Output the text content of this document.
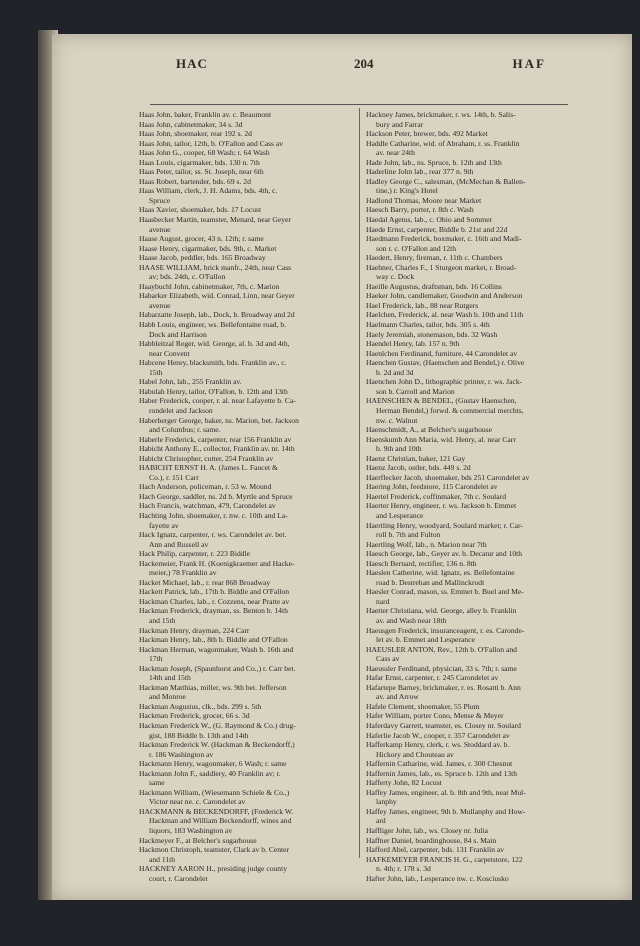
HAC	204	HAF
Haas John, baker, Franklin av. c. Beaumont
Haas John, cabinetmaker, 34 s. 3d
Haas John, shoemaker, rear 192 s. 2d
Haas John, tailor, 12th, b. O'Fallon and Cass av
Haas John G., cooper, 68 Wash; r. 64 Wash
Haas Louis, cigarmaker, bds. 130 n. 7th
Haas Peter, tailor, ss. St. Joseph, near 6th
Haas Robert, bartender, bds. 69 s. 2d
Haas William, clerk, J. H. Adams, bds. 4th, c.
Spruce
Haas Xavier, shoemaker, bds. 17 Locust
Haasbecker Martin, teamster, Menard, near Geyer
avenue
Haase August, grocer, 43 n. 12th; r. same
Haase Henry, cigarmaker, bds. 9th, c. Market
Haase Jacob, peddler, bds. 165 Broadway
HAASE WILLIAM, brick manfr., 24th, near Cass
av; bds. 24th, c. O'Fallon
Haaybuchl John, cabinetmaker, 7th, c. Marion
Habarker Elizabeth, wid. Conrad, Linn, near Geyer
avenue
Habarzatte Joseph, lab., Dock, b. Broadway and 2d
Habb Louis, engineer, ws. Bellefontaine road, b.
Dock and Harrison
Habbleitzal Reger, wid. George, al. b. 3d and 4th,
near Convent
Habcene Henry, blacksmith, bds. Franklin av., c.
15th
Habel John, lab., 255 Franklin av.
Habulah Henry, tailor, O'Fallon, b. 12th and 13th
Haber Frederick, cooper, r. al. near Lafayette b. Ca-
rondelet and Jackson
Haberberger George, baker, ns. Marion, bet. Jackson
and Columbus; r. same.
Haberle Frederick, carpenter, rear 156 Franklin av
Habicht Anthony E., collector, Franklin av. nr. 14th
Habicht Christopher, cutter, 254 Franklin av
HABICHT ERNST H. A. (James L. Faucet &
Co.), r. 151 Carr
Hach Anderson, policeman, r. 53 w. Mound
Hach George, saddler, ns. 2d b. Myrtle and Spruce
Hach Francis, watchman, 479, Carondelet av
Hachting John, shoemaker, r. nw. c. 10th and La-
fayette av
Hack Ignatz, carpenter, r. ws. Carondelet av. bet.
Ann and Russell av
Hack Philip, carpenter, r. 223 Biddle
Hackemeier, Frank H. (Koenigkraemer and Hacke-
meier,) 78 Franklin av
Hacket Michael, lab., r. rear 868 Broadway
Hackett Patrick, lab., 17th b. Biddle and O'Fallon
Hackman Charles, lab., r. Cozzens, near Pratte av
Hackman Frederick, drayman, ss. Benton b. 14th
and 15th
Hackman Henry, drayman, 224 Carr
Hackman Henry, lab., 8th b. Biddle and O'Fallon
Hackman Herman, wagonmaker, Wash b. 16th and
17th
Hackman Joseph, (Spaunhorst and Co.,) r. Carr bet.
14th and 15th
Hackman Matthias, miller, ws. 9th bet. Jefferson
and Monroe
Hackman Augustus, clk., bds. 299 s. 5th
Hackman Frederick, grocer, 66 s. 3d
Hackman Frederick W., (G. Raymond & Co.) drug-
gist, 188 Biddle b. 13th and 14th
Hackman Frederick W. (Hackman & Beckendorff,)
r. 186 Washington av
Hackmann Henry, wagonmaker, 6 Wash; r. same
Hackmann John F., saddlery, 40 Franklin av; r.
same
Hackmann William, (Wiesemann Schiele & Co.,)
Victor near ne. c. Carondelet av
HACKMANN & BECKENDORFF, (Frederick W.
Hackman and William Beckendorff, wines and
liquors, 183 Washington av
Hackmeyer F., at Belcher's sugarhouse
Hackmon Christoph, teamster, Clark av b. Center
and 11th
HACKNEY AARON H., presiding judge county
court, r. Carondelet
Hackney James, brickmaker, r. ws. 14th, b. Salis-
bury and Farrar
Hackson Peter, brewer, bds. 492 Market
Haddle Catharine, wid. of Abraham, r. ss. Franklin
av. near 24th
Hade John, lab., ns. Spruce, b. 12th and 13th
Haderline John lab., rear 377 n. 9th
Hadley George C., salesman, (McMechan & Ballen-
tine,) r. King's Hotel
Hadlond Thomas, Moore near Market
Haesch Barry, porter, r. 8th c. Wash
Haedal Agetus, lab., c. Ohio and Sommer
Haede Ernst, carpenter, Biddle b. 21st and 22d
Haedmann Frederick, boxmaker, c. 16th and Madi-
son r. c. O'Fallon and 12th
Haedert, Henry, fireman, r. 11th c. Chambers
Haehner, Charles F., 1 Sturgeon market, r. Broad-
way c. Dock
Haeille Augustus, draftsman, bds. 16 Collins
Haeker John, candlemaker, Goodwin and Anderson
Hael Frederick, lab., 88 near Rutgers
Haelchen, Frederick, al. near Wash b. 10th and 11th
Haelmann Charles, tailor, bds. 305 s. 4th
Haely Jeremiah, stonemason, bds. 32 Wash
Haendel Henry, lab. 157 n. 9th
Haenlchen Ferdinand, furniture, 44 Carondelet av
Haenchen Gustav, (Haenschen and Bendel,) r. Olive
b. 2d and 3d
Haenchen John D., lithographic printer, r. ws. Jack-
son b. Carroll and Marion
HAENSCHEN & BENDEL, (Gustav Haenschen,
Herman Bendel,) forwd. & commercial merchts,
nw. c. Walnut
Haenschmidt, A., at Belcher's sugarhouse
Haenskumb Ann Maria, wid. Henry, al. near Carr
b. 9th and 10th
Haenz Christian, baker, 121 Gay
Haenz Jacob, ostler, bds. 449 s. 2d
Haerflecker Jacob, shoemaker, bds 251 Carondelet av
Haering John, feedstore, 115 Carondelet av
Haertel Frederick, coffinmaker, 7th c. Soulard
Haerter Henry, engineer, r. ws. Jackson b. Emmet
and Lesperance
Haertling Henry, woodyard, Soulard market; r. Car-
roll b. 7th and Fulton
Haertling Wolf, lab., n. Marion near 7th
Haesch George, lab., Geyer av. b. Decatur and 10th
Haesch Bernard, rectifier, 136 n. 8th
Haeslen Catherine, wid. Ignatz, es. Bellefontaine
road b. Destrehan and Mallinckrodt
Haesler Conrad, mason, ss. Emmet b. Buel and Me-
nard
Haetter Christiana, wid. George, alley b. Franklin
av. and Wash near 18th
Haeusgen Frederick, insuranceagent, r. es. Caronde-
let av. b. Emmet and Lesperance
HAEUSLER ANTON, Rev., 12th b. O'Fallon and
Cass av
Haeussler Ferdinand, physician, 33 s. 7th; r. same
Hafar Ernst, carpenter, r. 245 Carondelet av
Hafartepe Barney, brickmaker, r. es. Rosatti b. Ann
av. and Arrow
Hafele Clement, shoemaker, 55 Plum
Hafer William, porter Cono, Mense & Meyer
Haferdavy Garrett, teamster, es. Closey nr. Soulard
Haferlie Jacob W., cooper, r. 357 Carondelet av
Hafferkamp Henry, clerk, r. ws. Stoddard av. b.
Hickory and Chouteau av
Haffernin Catharine, wid. James, r. 300 Chesnut
Haffernin James, lab., es. Spruce b. 12th and 13th
Hafferty John, 82 Locust
Haffey James, engineer, al. b. 8th and 9th, near Mul-
lanphy
Haffey James, engineer, 9th b. Mullanphy and How-
ard
Haffliger John, lab., ws. Closey nr. Julia
Haffner Daniel, boardinghouse, 84 s. Main
Hafford Abel, carpenter, bds. 131 Franklin av
HAFKEMEYER FRANCIS H. G., carpetstore, 122
n. 4th; r. 178 s. 3d
Hafter John, lab., Lesperance nw. c. Kosciusko
